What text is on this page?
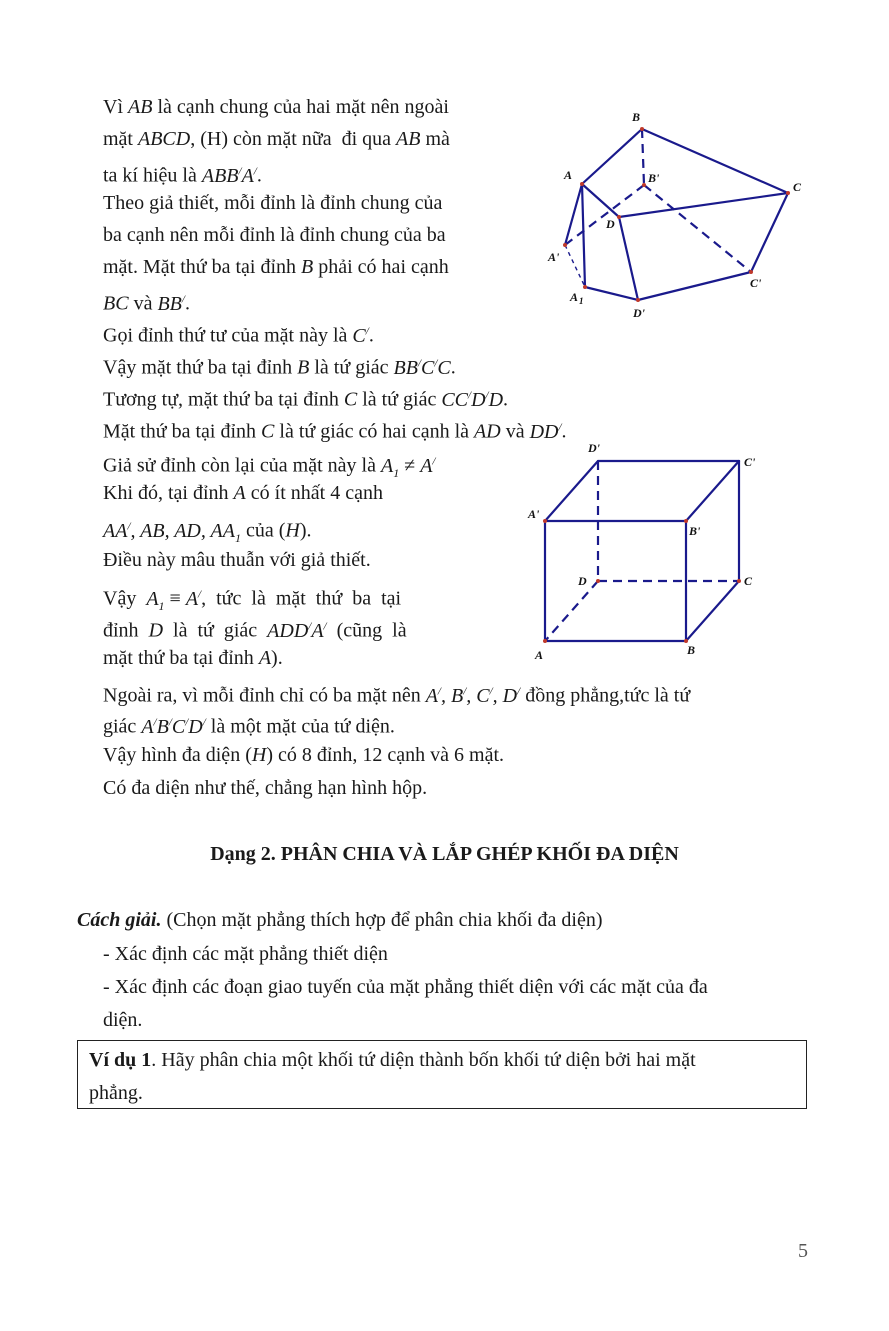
Vì AB là cạnh chung của hai mặt nên ngoài
mặt ABCD, (H) còn mặt nữa  đi qua AB mà
ta kí hiệu là ABB/A/.
Theo giả thiết, mỗi đỉnh là đỉnh chung của
ba cạnh nên mỗi đỉnh là đỉnh chung của ba
mặt. Mặt thứ ba tại đỉnh B phải có hai cạnh
BC và BB/.
Gọi đỉnh thứ tư của mặt này là C/.
Vậy mặt thứ ba tại đỉnh B là tứ giác BB/C/C.
Tương tự, mặt thứ ba tại đỉnh C là tứ giác CC/D/D.
Mặt thứ ba tại đỉnh C là tứ giác có hai cạnh là AD và DD/.
Giả sử đỉnh còn lại của mặt này là $A_1 \ne A^/$
Khi đó, tại đỉnh A có ít nhất 4 cạnh
AA/, AB, AD, $AA_1$ của (H).
Điều này mâu thuẫn với giả thiết.
Vậy  $A_1 \equiv A^/$,  tức  là  mặt  thứ  ba  tại
đỉnh  D  là  tứ  giác  ADD/A/  (cũng  là
mặt thứ ba tại đỉnh A).
Ngoài ra, vì mỗi đỉnh chỉ có ba mặt nên A/, B/, C/, D/ đồng phẳng,tức là tứ
giác A/B/C/D/ là một mặt của tứ diện.
Vậy hình đa diện (H) có 8 đỉnh, 12 cạnh và 6 mặt.
Có đa diện như thế, chẳng hạn hình hộp.
Dạng 2. PHÂN CHIA VÀ LẮP GHÉP KHỐI ĐA DIỆN
Cách giải. (Chọn mặt phẳng thích hợp để phân chia khối đa diện)
- Xác định các mặt phẳng thiết diện
- Xác định các đoạn giao tuyến của mặt phẳng thiết diện với các mặt của đa
diện.
Ví dụ 1. Hãy phân chia một khối tứ diện thành bốn khối tứ diện bởi hai mặt
phẳng.
5
B
B'
A
C
D
A'
A 1
C'
D'
D'
C'
A'
B'
D	C
A	B
